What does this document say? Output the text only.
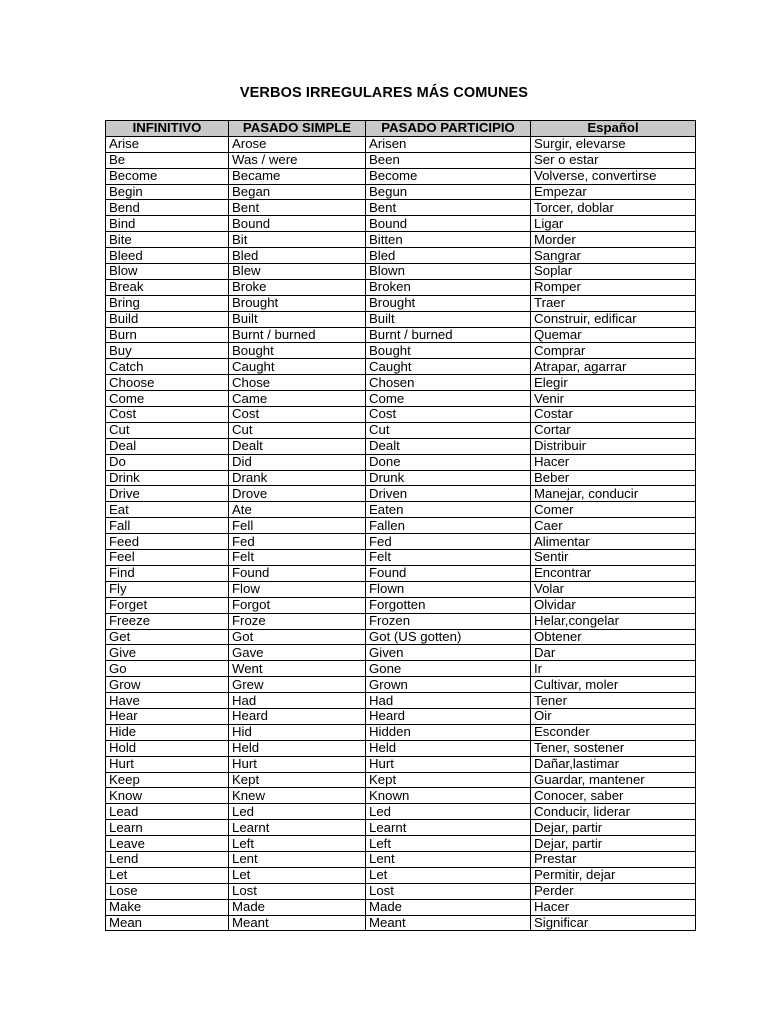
VERBOS IRREGULARES MÁS COMUNES
INFINITIVO	PASADO SIMPLE	PASADO PARTICIPIO	Español
Arise	Arose	Arisen	Surgir, elevarse
Be	Was / were	Been	Ser o estar
Become	Became	Become	Volverse, convertirse
Begin	Began	Begun	Empezar
Bend	Bent	Bent	Torcer, doblar
Bind	Bound	Bound	Ligar
Bite	Bit	Bitten	Morder
Bleed	Bled	Bled	Sangrar
Blow	Blew	Blown	Soplar
Break	Broke	Broken	Romper
Bring	Brought	Brought	Traer
Build	Built	Built	Construir, edificar
Burn	Burnt / burned	Burnt / burned	Quemar
Buy	Bought	Bought	Comprar
Catch	Caught	Caught	Atrapar, agarrar
Choose	Chose	Chosen	Elegir
Come	Came	Come	Venir
Cost	Cost	Cost	Costar
Cut	Cut	Cut	Cortar
Deal	Dealt	Dealt	Distribuir
Do	Did	Done	Hacer
Drink	Drank	Drunk	Beber
Drive	Drove	Driven	Manejar, conducir
Eat	Ate	Eaten	Comer
Fall	Fell	Fallen	Caer
Feed	Fed	Fed	Alimentar
Feel	Felt	Felt	Sentir
Find	Found	Found	Encontrar
Fly	Flow	Flown	Volar
Forget	Forgot	Forgotten	Olvidar
Freeze	Froze	Frozen	Helar,congelar
Get	Got	Got (US gotten)	Obtener
Give	Gave	Given	Dar
Go	Went	Gone	Ir
Grow	Grew	Grown	Cultivar, moler
Have	Had	Had	Tener
Hear	Heard	Heard	Oir
Hide	Hid	Hidden	Esconder
Hold	Held	Held	Tener, sostener
Hurt	Hurt	Hurt	Dañar,lastimar
Keep	Kept	Kept	Guardar, mantener
Know	Knew	Known	Conocer, saber
Lead	Led	Led	Conducir, liderar
Learn	Learnt	Learnt	Dejar, partir
Leave	Left	Left	Dejar, partir
Lend	Lent	Lent	Prestar
Let	Let	Let	Permitir, dejar
Lose	Lost	Lost	Perder
Make	Made	Made	Hacer
Mean	Meant	Meant	Significar
